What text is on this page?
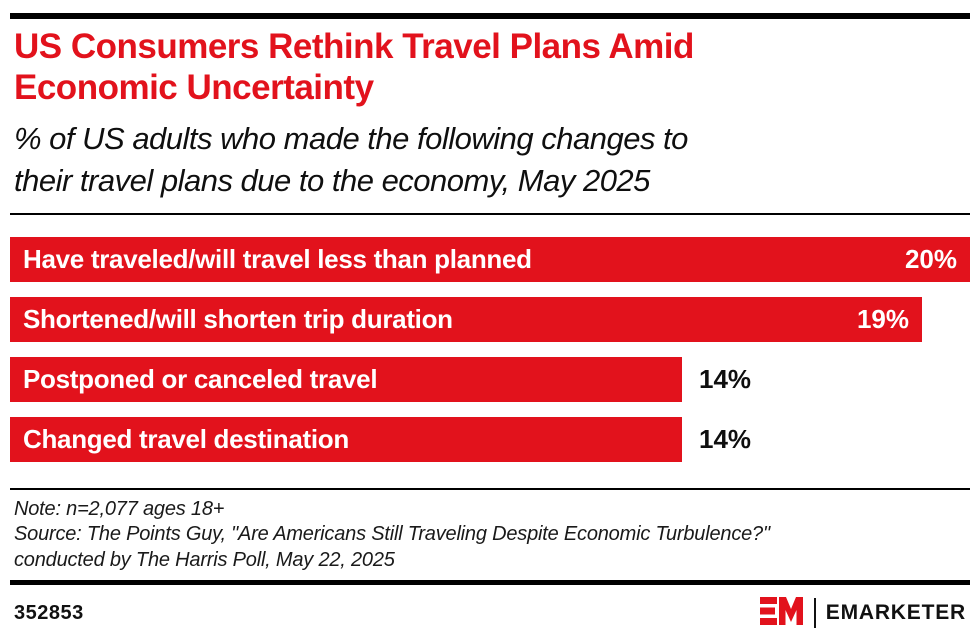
US Consumers Rethink Travel Plans Amid
Economic Uncertainty
% of US adults who made the following changes to
their travel plans due to the economy, May 2025
Have traveled/will travel less than planned	20%
Shortened/will shorten trip duration	19%
Postponed or canceled travel	14%
Changed travel destination	14%
Note: n=2,077 ages 18+
Source: The Points Guy, "Are Americans Still Traveling Despite Economic Turbulence?"
conducted by The Harris Poll, May 22, 2025
352853	EMARKETER
